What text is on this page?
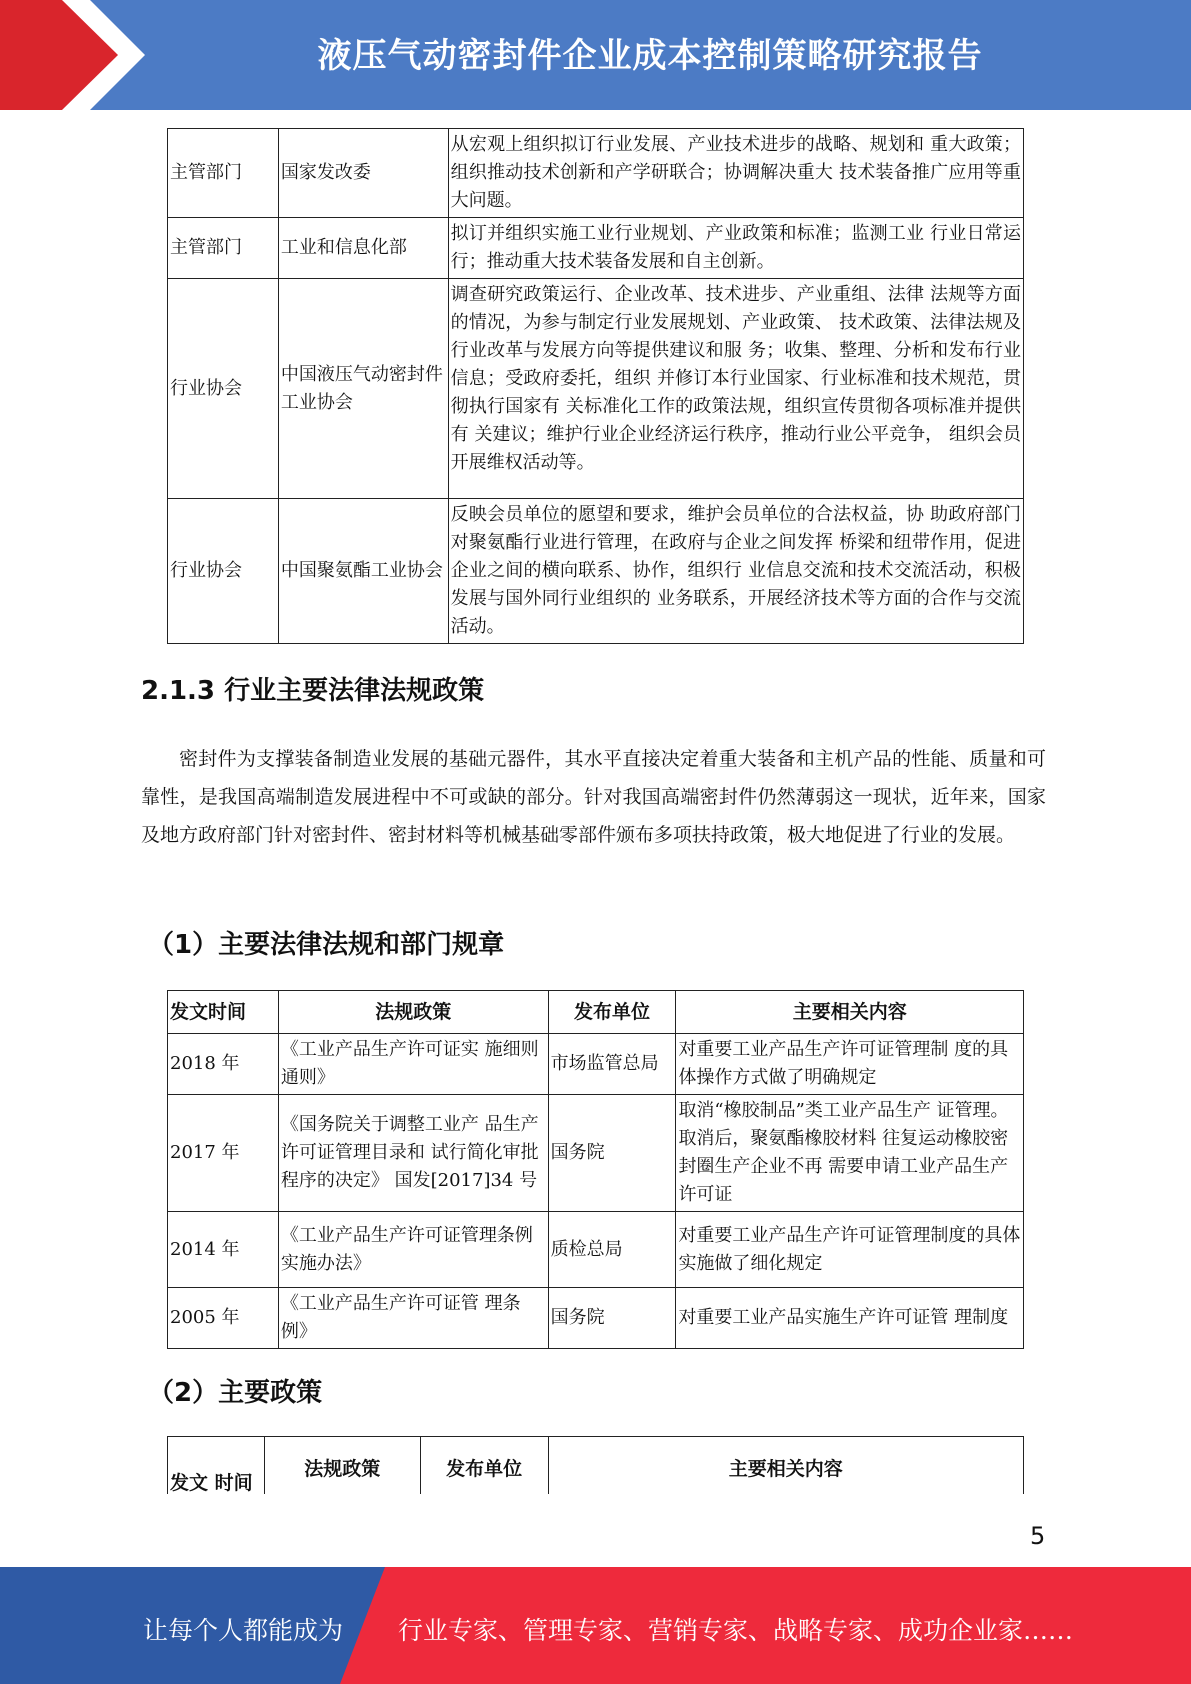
液压气动密封件企业成本控制策略研究报告
主管部门	国家发改委	从宏观上组织拟订行业发展、产业技术进步的战略、规划和 重大政策；组织推动技术创新和产学研联合；协调解决重大 技术装备推广应用等重大问题。
主管部门	工业和信息化部	拟订并组织实施工业行业规划、产业政策和标准；监测工业 行业日常运行；推动重大技术装备发展和自主创新。
行业协会	中国液压气动密封件工业协会	调查研究政策运行、企业改革、技术进步、产业重组、法律 法规等方面的情况，为参与制定行业发展规划、产业政策、 技术政策、法律法规及行业改革与发展方向等提供建议和服 务；收集、整理、分析和发布行业信息；受政府委托，组织 并修订本行业国家、行业标准和技术规范，贯彻执行国家有 关标准化工作的政策法规，组织宣传贯彻各项标准并提供有 关建议；维护行业企业经济运行秩序，推动行业公平竞争， 组织会员开展维权活动等。
行业协会	中国聚氨酯工业协会	反映会员单位的愿望和要求，维护会员单位的合法权益，协 助政府部门对聚氨酯行业进行管理，在政府与企业之间发挥 桥梁和纽带作用，促进企业之间的横向联系、协作，组织行 业信息交流和技术交流活动，积极发展与国外同行业组织的 业务联系，开展经济技术等方面的合作与交流活动。
2.1.3 行业主要法律法规政策

密封件为支撑装备制造业发展的基础元器件，其水平直接决定着重大装备和主机产品的性能、质量和可靠性，是我国高端制造发展进程中不可或缺的部分。针对我国高端密封件仍然薄弱这一现状，近年来，国家及地方政府部门针对密封件、密封材料等机械基础零部件颁布多项扶持政策，极大地促进了行业的发展。

（1）主要法律法规和部门规章
发文时间	法规政策	发布单位	主要相关内容
2018 年	《工业产品生产许可证实 施细则通则》	市场监管总局	对重要工业产品生产许可证管理制 度的具体操作方式做了明确规定
2017 年	《国务院关于调整工业产 品生产许可证管理目录和 试行简化审批程序的决定》 国发[2017]34 号	国务院	取消“橡胶制品”类工业产品生产 证管理。取消后，聚氨酯橡胶材料 往复运动橡胶密封圈生产企业不再 需要申请工业产品生产许可证
2014 年	《工业产品生产许可证管理条例实施办法》	质检总局	对重要工业产品生产许可证管理制度的具体实施做了细化规定
2005 年	《工业产品生产许可证管 理条例》	国务院	对重要工业产品实施生产许可证管 理制度
（2）主要政策
发文 时间	法规政策	发布单位	主要相关内容
5
让每个人都能成为 行业专家、管理专家、营销专家、战略专家、成功企业家……
